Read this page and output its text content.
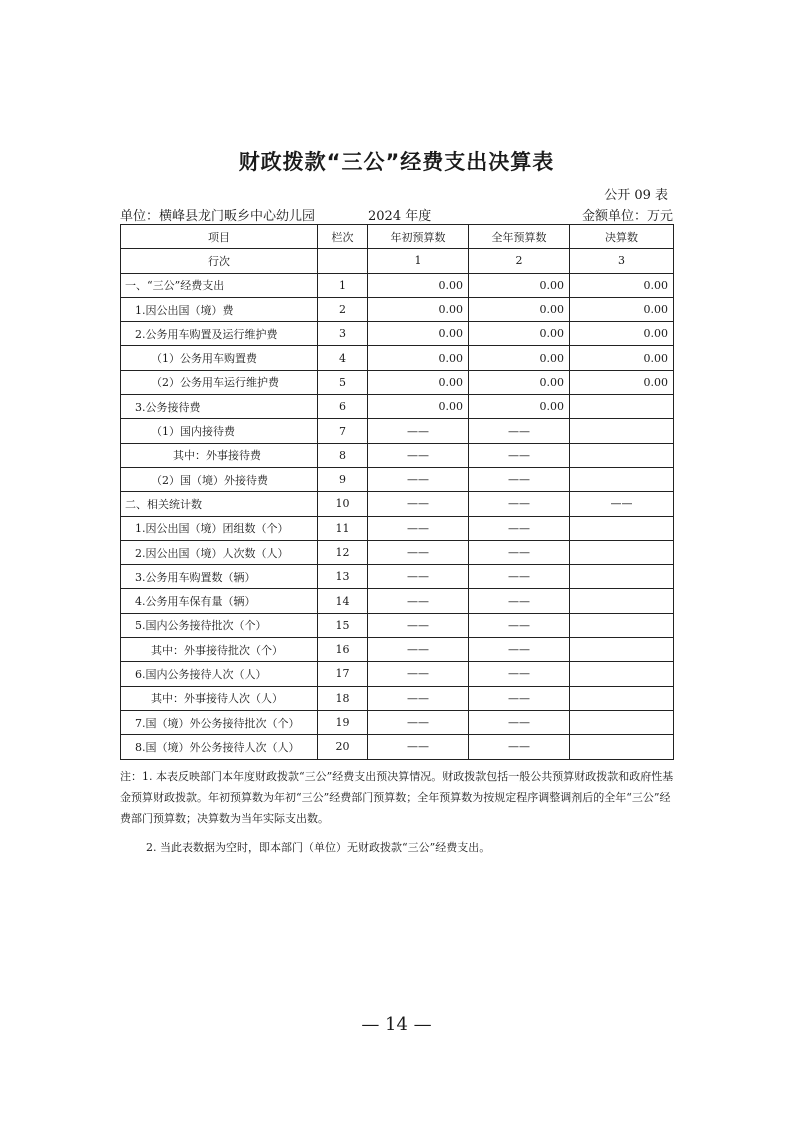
财政拨款“三公”经费支出决算表
公开 09 表
单位：横峰县龙门畈乡中心幼儿园	2024 年度	金额单位：万元
项目	栏次	年初预算数	全年预算数	决算数
行次		1	2	3
一、“三公”经费支出	1	0.00	0.00	0.00
1.因公出国（境）费	2	0.00	0.00	0.00
2.公务用车购置及运行维护费	3	0.00	0.00	0.00
（1）公务用车购置费	4	0.00	0.00	0.00
（2）公务用车运行维护费	5	0.00	0.00	0.00
3.公务接待费	6	0.00	0.00	
（1）国内接待费	7	——	——	
其中：外事接待费	8	——	——	
（2）国（境）外接待费	9	——	——	
二、相关统计数	10	——	——	——
1.因公出国（境）团组数（个）	11	——	——	
2.因公出国（境）人次数（人）	12	——	——	
3.公务用车购置数（辆）	13	——	——	
4.公务用车保有量（辆）	14	——	——	
5.国内公务接待批次（个）	15	——	——	
其中：外事接待批次（个）	16	——	——	
6.国内公务接待人次（人）	17	——	——	
其中：外事接待人次（人）	18	——	——	
7.国（境）外公务接待批次（个）	19	——	——	
8.国（境）外公务接待人次（人）	20	——	——	

注：1. 本表反映部门本年度财政拨款“三公”经费支出预决算情况。财政拨款包括一般公共预算财政拨款和政府性基金预算财政拨款。年初预算数为年初“三公”经费部门预算数；全年预算数为按规定程序调整调剂后的全年“三公”经费部门预算数；决算数为当年实际支出数。

2. 当此表数据为空时，即本部门（单位）无财政拨款“三公”经费支出。

— 14 —
